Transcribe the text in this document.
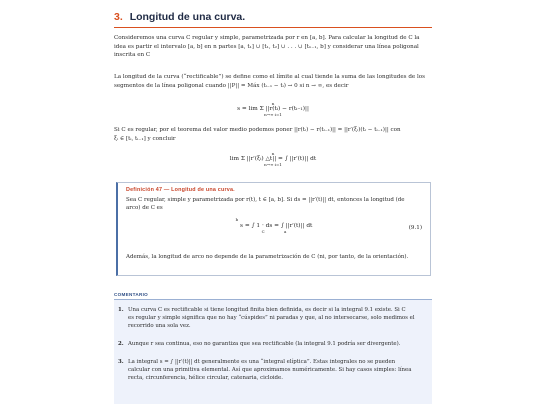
3. Longitud de una curva.
Consideremos una curva C regular y simple, parametrizada por r en [a, b]. Para calcular la longitud de C la
idea es partir el intervalo [a, b] en n partes [a, t₁] ∪ [t₁, t₂] ∪ . . . ∪ [tₙ₋₁, b] y considerar una línea poligonal
inscrita en C
La longitud de la curva (“rectificable”) se define como el límite al cual tiende la suma de las longitudes de los
segmentos de la línea poligonal cuando ||P|| = Máx (tᵢ₋₁ − tᵢ) → 0 si n → ∞, es decir
n
s = lim Σ ||r(tᵢ) − r(tᵢ₋₁)||
n→∞ i=1
Si C es regular, por el teorema del valor medio podemos poner ||r(tᵢ) − r(tᵢ₋₁)|| = ||r′(ξᵢ)(tᵢ − tᵢ₋₁)|| con
ξᵢ ∈ [tᵢ, tᵢ₋₁] y concluir
n
lim Σ ||r′(ξᵢ) △t|| = ∫ ||r′(t)|| dt
n→∞ i=1
Definición 47 — Longitud de una curva.
Sea C regular, simple y parametrizada por r(t), t ∈ [a, b]. Si ds = ||r′(t)|| dt, entonces la longitud (de
arco) de C es
$^b$ s = ∫ 1 · ds = ∫ ||r′(t)|| dt
C	a
(9.1)
Además, la longitud de arco no depende de la parametrización de C (ni, por tanto, de la orientación).
COMENTARIO
1. Una curva C es rectificable si tiene longitud finita bien definida, es decir si la integral 9.1 existe. Si C
es regular y simple significa que no hay “cúspides” ni paradas y que, al no intersecarse, solo medimos el
recorrido una sola vez.
2. Aunque r sea continua, eso no garantiza que sea rectificable (la integral 9.1 podría ser divergente).
3. La integral s = ∫ ||r′(t)|| dt generalmente es una “integral elíptica”. Estas integrales no se pueden
calcular con una primitiva elemental. Así que aproximamos numéricamente. Si hay casos simples: línea
recta, circunferencia, hélice circular, catenaria, cicloide.
